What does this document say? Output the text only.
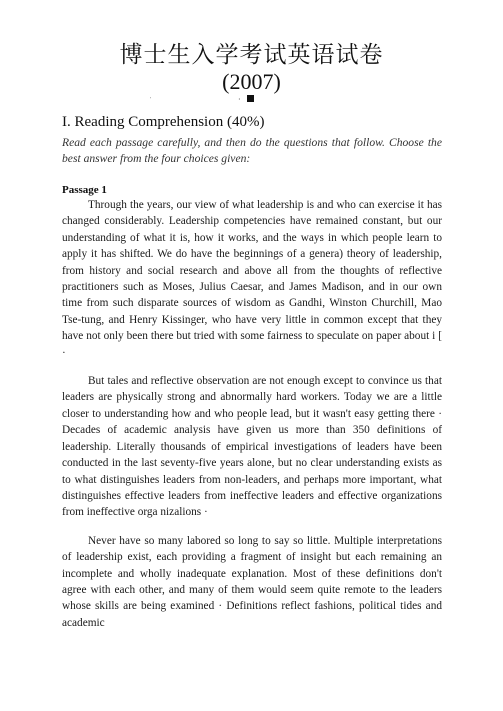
博士生入学考试英语试卷
(2007)
'	·
I. Reading Comprehension (40%)
Read each passage carefully, and then do the questions that follow. Choose the best answer from the four choices given:
Passage 1

Through the years, our view of what leadership is and who can exercise it has changed considerably. Leadership competencies have remained constant, but our understanding of what it is, how it works, and the ways in which people learn to apply it has shifted. We do have the beginnings of a genera) theory of leadership, from history and social research and above all from the thoughts of reflective practitioners such as Moses, Julius Caesar, and James Madison, and in our own time from such disparate sources of wisdom as Gandhi, Winston Churchill, Mao Tse-tung, and Henry Kissinger, who have very little in common except that they have not only been there but tried with some fairness to speculate on paper about i [ ·

But tales and reflective observation are not enough except to convince us that leaders are physically strong and abnormally hard workers. Today we are a little closer to understanding how and who people lead, but it wasn't easy getting there · Decades of academic analysis have given us more than 350 definitions of leadership. Literally thousands of empirical investigations of leaders have been conducted in the last seventy-five years alone, but no clear understanding exists as to what distinguishes leaders from non-leaders, and perhaps more important, what distinguishes effective leaders from ineffective leaders and effective organizations from ineffective orga nizalions ·

Never have so many labored so long to say so little. Multiple interpretations of leadership exist, each providing a fragment of insight but each remaining an incomplete and wholly inadequate explanation. Most of these definitions don't agree with each other, and many of them would seem quite remote to the leaders whose skills are being examined · Definitions reflect fashions, political tides and academic
